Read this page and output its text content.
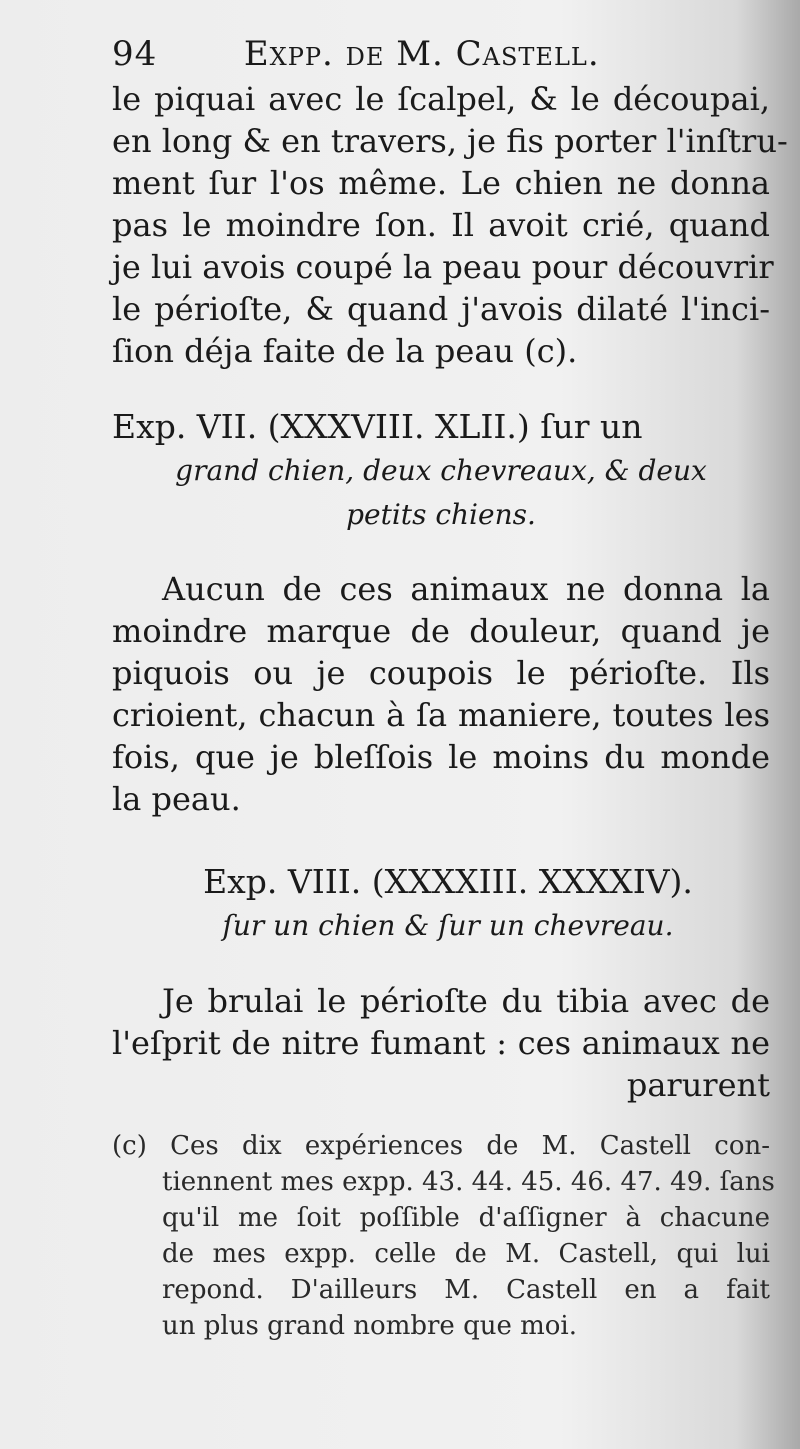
94	Expp. de M. Castell.
le piquai avec le ſcalpel, & le découpai,
en long & en travers, je fis porter l'inſtru-
ment ſur l'os même. Le chien ne donna
pas le moindre ſon. Il avoit crié, quand
je lui avois coupé la peau pour découvrir
le périoſte, & quand j'avois dilaté l'inci-
ſion déja faite de la peau (c).
Exp. VII. (XXXVIII. XLII.) ſur un
grand chien, deux chevreaux, & deux
petits chiens.
Aucun de ces animaux ne donna la
moindre marque de douleur, quand je
piquois ou je coupois le périoſte. Ils
crioient, chacun à ſa maniere, toutes les
fois, que je bleſſois le moins du monde
la peau.
Exp. VIII. (XXXXIII. XXXXIV).
ſur un chien & ſur un chevreau.
Je brulai le périoſte du tibia avec de
l'eſprit de nitre fumant : ces animaux ne
parurent
(c) Ces dix expériences de M. Castell con-
tiennent mes expp. 43. 44. 45. 46. 47. 49. ſans
qu'il me ſoit poſſible d'aſſigner à chacune
de mes expp. celle de M. Castell, qui lui
repond. D'ailleurs M. Castell en a fait
un plus grand nombre que moi.
